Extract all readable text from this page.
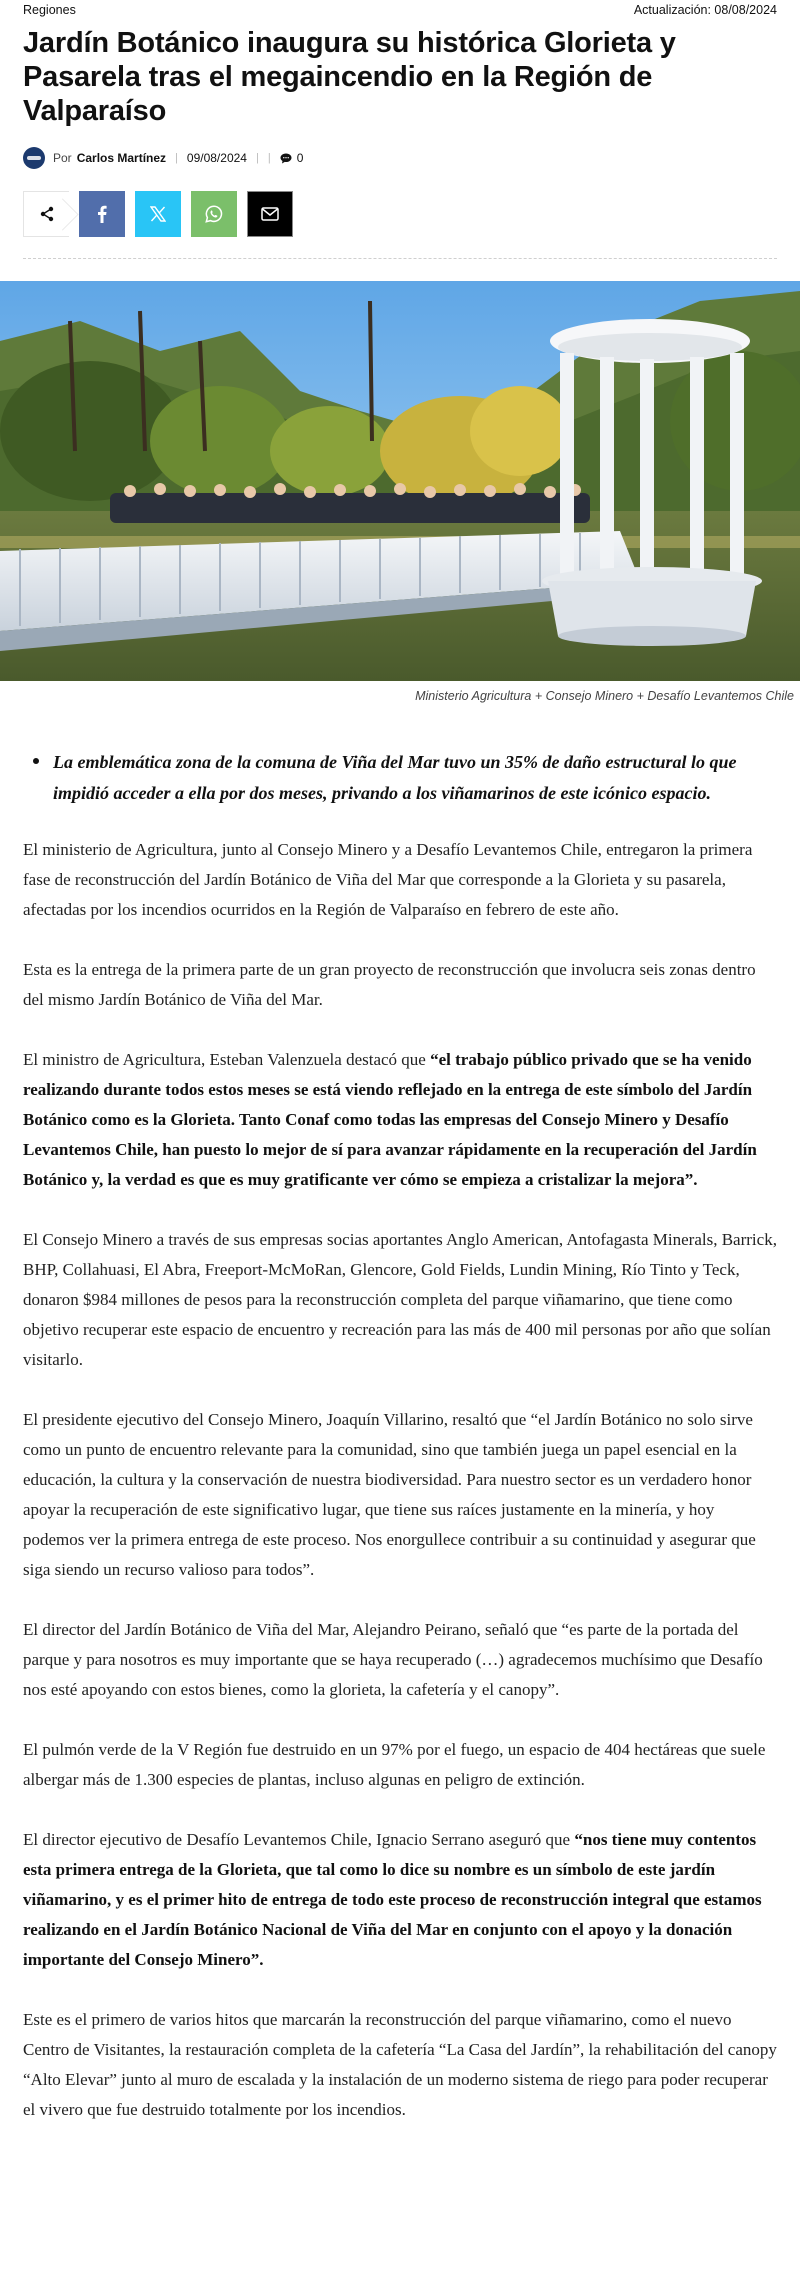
Regiones	Actualización: 08/08/2024
Jardín Botánico inaugura su histórica Glorieta y Pasarela tras el megaincendio en la Región de Valparaíso
Por Carlos Martínez | 09/08/2024 | | 0
Ministerio Agricultura + Consejo Minero + Desafío Levantemos Chile
La emblemática zona de la comuna de Viña del Mar tuvo un 35% de daño estructural lo que impidió acceder a ella por dos meses, privando a los viñamarinos de este icónico espacio.

El ministerio de Agricultura, junto al Consejo Minero y a Desafío Levantemos Chile, entregaron la primera fase de reconstrucción del Jardín Botánico de Viña del Mar que corresponde a la Glorieta y su pasarela, afectadas por los incendios ocurridos en la Región de Valparaíso en febrero de este año.

Esta es la entrega de la primera parte de un gran proyecto de reconstrucción que involucra seis zonas dentro del mismo Jardín Botánico de Viña del Mar.

El ministro de Agricultura, Esteban Valenzuela destacó que “el trabajo público privado que se ha venido realizando durante todos estos meses se está viendo reflejado en la entrega de este símbolo del Jardín Botánico como es la Glorieta. Tanto Conaf como todas las empresas del Consejo Minero y Desafío Levantemos Chile, han puesto lo mejor de sí para avanzar rápidamente en la recuperación del Jardín Botánico y, la verdad es que es muy gratificante ver cómo se empieza a cristalizar la mejora”.

El Consejo Minero a través de sus empresas socias aportantes Anglo American, Antofagasta Minerals, Barrick, BHP, Collahuasi, El Abra, Freeport-McMoRan, Glencore, Gold Fields, Lundin Mining, Río Tinto y Teck, donaron $984 millones de pesos para la reconstrucción completa del parque viñamarino, que tiene como objetivo recuperar este espacio de encuentro y recreación para las más de 400 mil personas por año que solían visitarlo.

El presidente ejecutivo del Consejo Minero, Joaquín Villarino, resaltó que “el Jardín Botánico no solo sirve como un punto de encuentro relevante para la comunidad, sino que también juega un papel esencial en la educación, la cultura y la conservación de nuestra biodiversidad. Para nuestro sector es un verdadero honor apoyar la recuperación de este significativo lugar, que tiene sus raíces justamente en la minería, y hoy podemos ver la primera entrega de este proceso. Nos enorgullece contribuir a su continuidad y asegurar que siga siendo un recurso valioso para todos”.

El director del Jardín Botánico de Viña del Mar, Alejandro Peirano, señaló que “es parte de la portada del parque y para nosotros es muy importante que se haya recuperado (…) agradecemos muchísimo que Desafío nos esté apoyando con estos bienes, como la glorieta, la cafetería y el canopy”.

El pulmón verde de la V Región fue destruido en un 97% por el fuego, un espacio de 404 hectáreas que suele albergar más de 1.300 especies de plantas, incluso algunas en peligro de extinción.

El director ejecutivo de Desafío Levantemos Chile, Ignacio Serrano aseguró que “nos tiene muy contentos esta primera entrega de la Glorieta, que tal como lo dice su nombre es un símbolo de este jardín viñamarino, y es el primer hito de entrega de todo este proceso de reconstrucción integral que estamos realizando en el Jardín Botánico Nacional de Viña del Mar en conjunto con el apoyo y la donación importante del Consejo Minero”.

Este es el primero de varios hitos que marcarán la reconstrucción del parque viñamarino, como el nuevo Centro de Visitantes, la restauración completa de la cafetería “La Casa del Jardín”, la rehabilitación del canopy “Alto Elevar” junto al muro de escalada y la instalación de un moderno sistema de riego para poder recuperar el vivero que fue destruido totalmente por los incendios.
